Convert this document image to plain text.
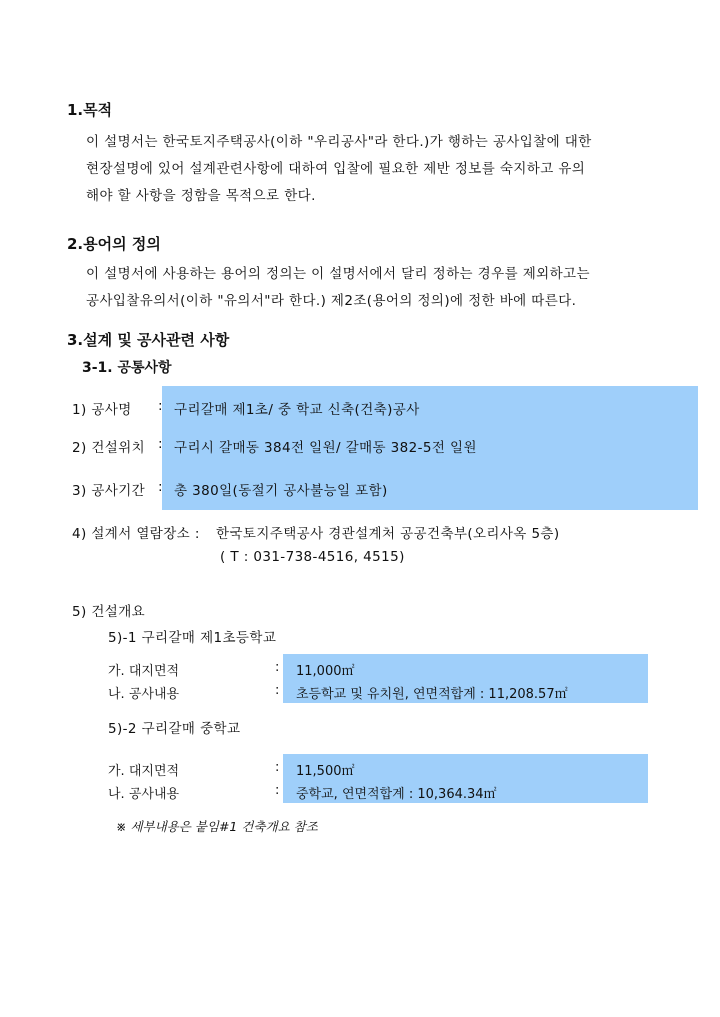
1.목적
이 설명서는 한국토지주택공사(이하 "우리공사"라 한다.)가 행하는 공사입찰에 대한
현장설명에 있어 설계관련사항에 대하여 입찰에 필요한 제반 정보를 숙지하고 유의
해야 할 사항을 정함을 목적으로 한다.
2.용어의 정의
이 설명서에 사용하는 용어의 정의는 이 설명서에서 달리 정하는 경우를 제외하고는
공사입찰유의서(이하 "유의서"라 한다.) 제2조(용어의 정의)에 정한 바에 따른다.
3.설계 및 공사관련 사항
3-1. 공통사항
1) 공사명 : 구리갈매 제1초/ 중 학교 신축(건축)공사
2) 건설위치 : 구리시 갈매동 384전 일원/ 갈매동 382-5전 일원
3) 공사기간 : 총 380일(동절기 공사불능일 포함)
4) 설계서 열람장소 : 한국토지주택공사 경관설계처 공공건축부(오리사옥 5층)
( T : 031-738-4516, 4515)
5) 건설개요
5)-1 구리갈매 제1초등학교
가. 대지면적	: 11,000㎡
나. 공사내용	: 초등학교 및 유치원, 연면적합계 : 11,208.57㎡
5)-2 구리갈매 중학교
가. 대지면적	: 11,500㎡
나. 공사내용	: 중학교, 연면적합계 : 10,364.34㎡
※ 세부내용은 붙임#1 건축개요 참조
